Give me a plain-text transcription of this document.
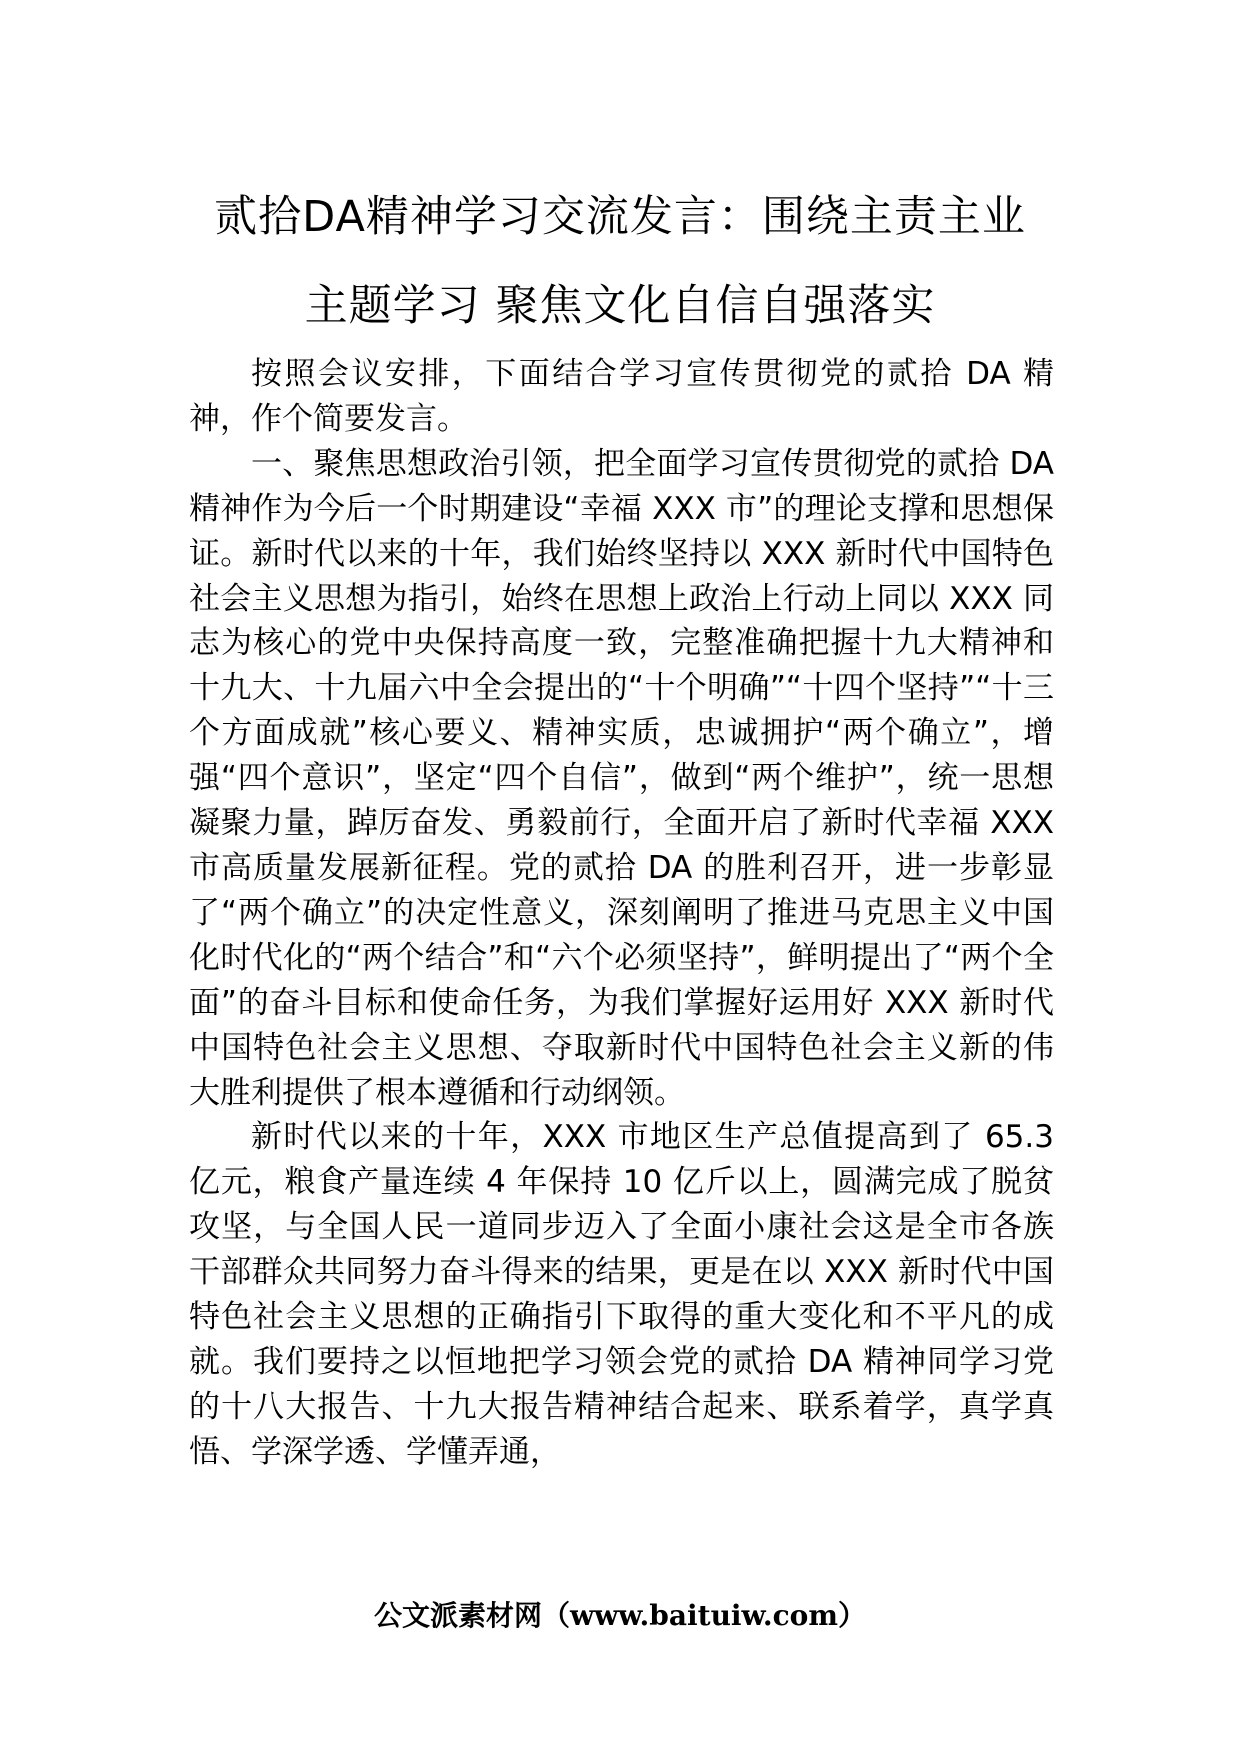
贰拾DA精神学习交流发言：围绕主责主业
主题学习 聚焦文化自信自强落实

按照会议安排，下面结合学习宣传贯彻党的贰拾 DA 精神，作个简要发言。

一、聚焦思想政治引领，把全面学习宣传贯彻党的贰拾 DA 精神作为今后一个时期建设“幸福 XXX 市”的理论支撑和思想保证。新时代以来的十年，我们始终坚持以 XXX 新时代中国特色社会主义思想为指引，始终在思想上政治上行动上同以 XXX 同志为核心的党中央保持高度一致，完整准确把握十九大精神和十九大、十九届六中全会提出的“十个明确”“十四个坚持”“十三个方面成就”核心要义、精神实质，忠诚拥护“两个确立”，增强“四个意识”，坚定“四个自信”，做到“两个维护”，统一思想凝聚力量，踔厉奋发、勇毅前行，全面开启了新时代幸福 XXX 市高质量发展新征程。党的贰拾 DA 的胜利召开，进一步彰显了“两个确立”的决定性意义，深刻阐明了推进马克思主义中国化时代化的“两个结合”和“六个必须坚持”，鲜明提出了“两个全面”的奋斗目标和使命任务，为我们掌握好运用好 XXX 新时代中国特色社会主义思想、夺取新时代中国特色社会主义新的伟大胜利提供了根本遵循和行动纲领。

新时代以来的十年，XXX 市地区生产总值提高到了 65.3 亿元，粮食产量连续 4 年保持 10 亿斤以上，圆满完成了脱贫攻坚，与全国人民一道同步迈入了全面小康社会这是全市各族干部群众共同努力奋斗得来的结果，更是在以 XXX 新时代中国特色社会主义思想的正确指引下取得的重大变化和不平凡的成就。我们要持之以恒地把学习领会党的贰拾 DA 精神同学习党的十八大报告、十九大报告精神结合起来、联系着学，真学真悟、学深学透、学懂弄通，

公文派素材网（www.baituiw.com）
